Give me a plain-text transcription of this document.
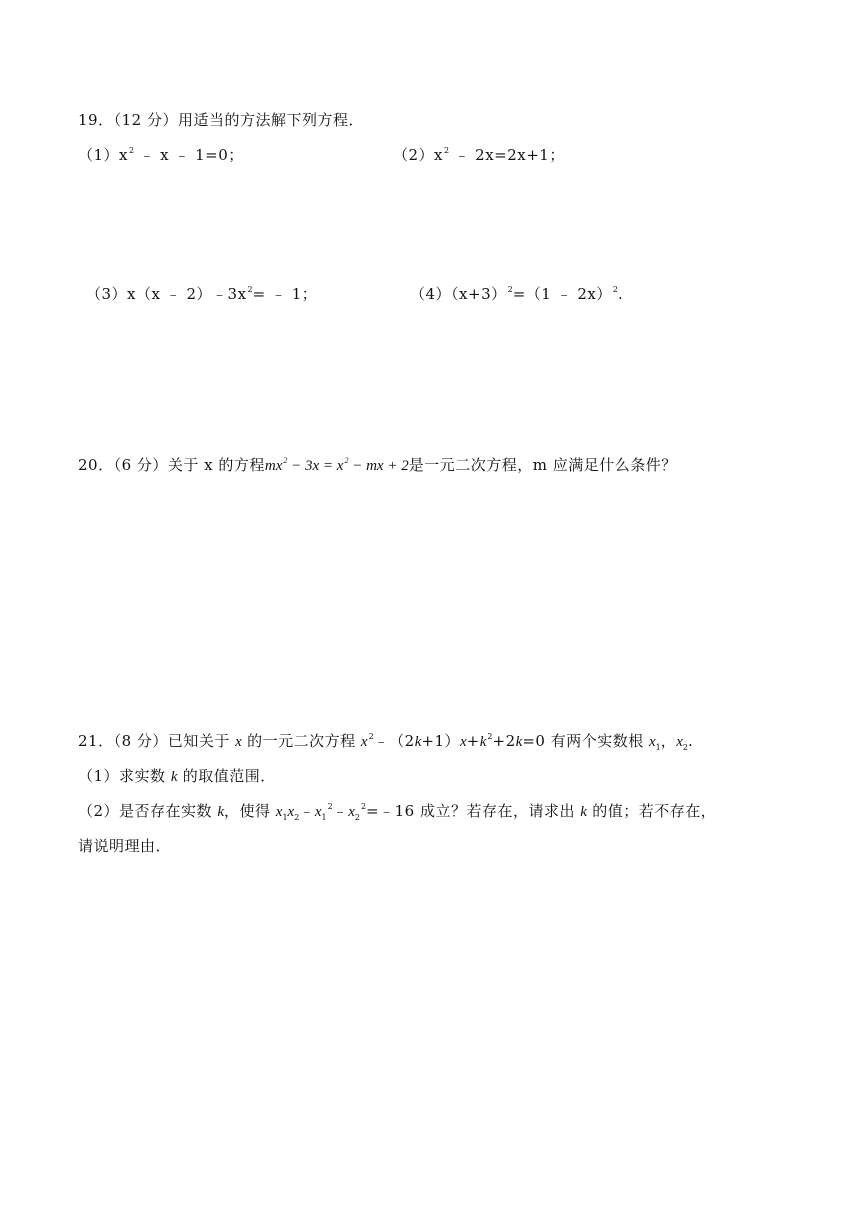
19．（12 分）用适当的方法解下列方程．
$(1)x^2$ ﹣ x ﹣ 1=0；	$(2)x^2$ ﹣ 2x=2x+1；
（3）x（x ﹣ $2)﹣3x^2=$ ﹣ 1；	$(4)(x+3)^2=(1$ ﹣ 2x）$^2$.
20．（6 分）关于 x 的方程$mx^2 - 3x = x^2$ − mx + 2是一元二次方程，m 应满足什么条件？
21．（8 分）已知关于 x 的一元二次方程 $x^2﹣(2k+1)x+k^2+2k=0$ 有两个实数根 $x_1$，$x_2$.
（1）求实数 k 的取值范围．
（2）是否存在实数 k，使得 $x_1x_2﹣x_1^2﹣x_2^2=﹣16$ 成立？若存在，请求出 k 的值；若不存在，
请说明理由．
